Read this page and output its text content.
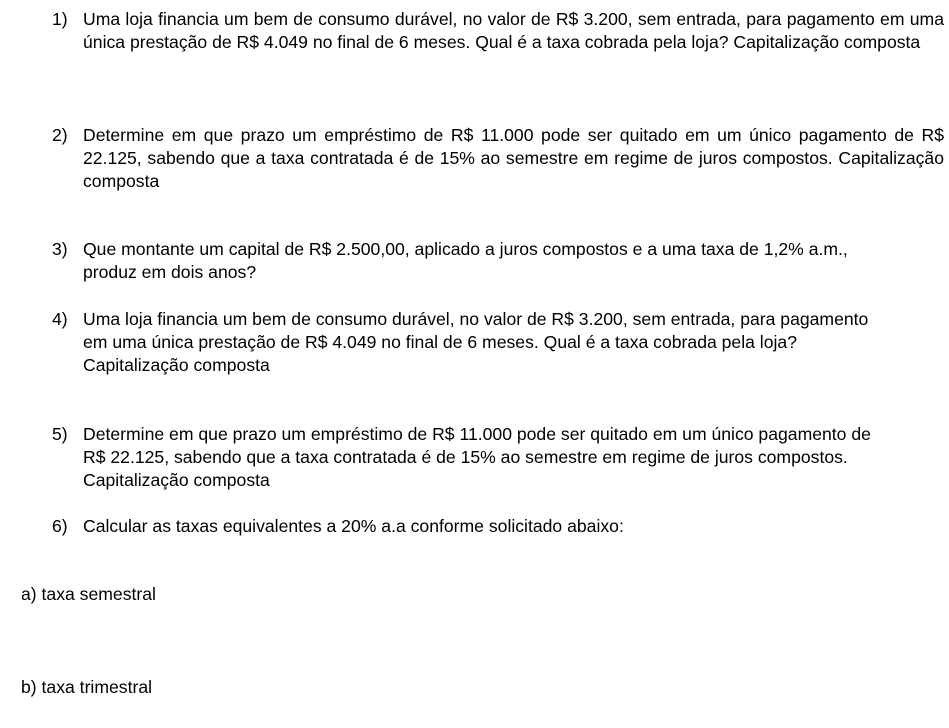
1) Uma loja financia um bem de consumo durável, no valor de R$ 3.200, sem entrada, para pagamento em uma única prestação de R$ 4.049 no final de 6 meses. Qual é a taxa cobrada pela loja? Capitalização composta
2) Determine em que prazo um empréstimo de R$ 11.000 pode ser quitado em um único pagamento de R$ 22.125, sabendo que a taxa contratada é de 15% ao semestre em regime de juros compostos. Capitalização composta
3) Que montante um capital de R$ 2.500,00, aplicado a juros compostos e a uma taxa de 1,2% a.m., produz em dois anos?
4) Uma loja financia um bem de consumo durável, no valor de R$ 3.200, sem entrada, para pagamento em uma única prestação de R$ 4.049 no final de 6 meses. Qual é a taxa cobrada pela loja? Capitalização composta
5) Determine em que prazo um empréstimo de R$ 11.000 pode ser quitado em um único pagamento de R$ 22.125, sabendo que a taxa contratada é de 15% ao semestre em regime de juros compostos. Capitalização composta
6) Calcular as taxas equivalentes a 20% a.a conforme solicitado abaixo:
a) taxa semestral
b) taxa trimestral
